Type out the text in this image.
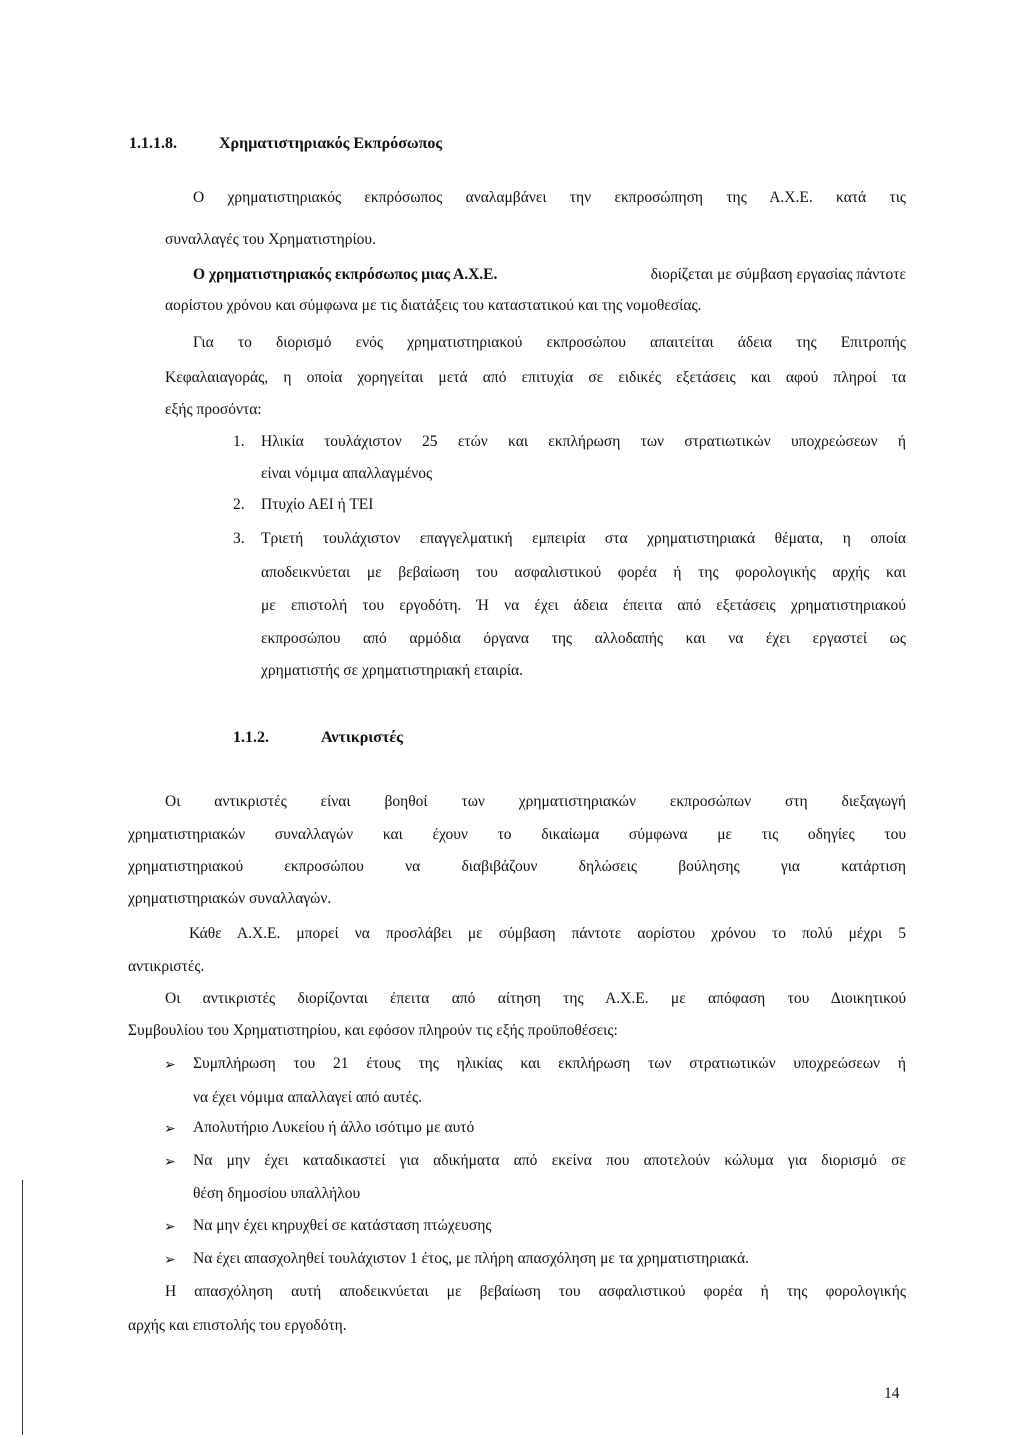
1.1.1.8.	Χρηματιστηριακός Εκπρόσωπος
Ο χρηματιστηριακός εκπρόσωπος αναλαμβάνει την εκπροσώπηση της Α.Χ.Ε. κατά τις
συναλλαγές του Χρηματιστηρίου.
Ο χρηματιστηριακός εκπρόσωπος μιας Α.Χ.Ε.	διορίζεται με σύμβαση εργασίας πάντοτε
αορίστου χρόνου και σύμφωνα με τις διατάξεις του καταστατικού και της νομοθεσίας.
Για το διορισμό ενός χρηματιστηριακού εκπροσώπου απαιτείται άδεια της Επιτροπής
Κεφαλαιαγοράς, η οποία χορηγείται μετά από επιτυχία σε ειδικές εξετάσεις και αφού πληροί τα
εξής προσόντα:
1. Ηλικία τουλάχιστον 25 ετών και εκπλήρωση των στρατιωτικών υποχρεώσεων ή
είναι νόμιμα απαλλαγμένος
2. Πτυχίο ΑΕΙ ή ΤΕΙ
3. Τριετή τουλάχιστον επαγγελματική εμπειρία στα χρηματιστηριακά θέματα, η οποία
αποδεικνύεται με βεβαίωση του ασφαλιστικού φορέα ή της φορολογικής αρχής και
με επιστολή του εργοδότη. Ή να έχει άδεια έπειτα από εξετάσεις χρηματιστηριακού
εκπροσώπου από αρμόδια όργανα της αλλοδαπής και να έχει εργαστεί ως
χρηματιστής σε χρηματιστηριακή εταιρία.
1.1.2.	Αντικριστές
Οι αντικριστές είναι βοηθοί των χρηματιστηριακών εκπροσώπων στη διεξαγωγή
χρηματιστηριακών συναλλαγών και έχουν το δικαίωμα σύμφωνα με τις οδηγίες του
χρηματιστηριακού εκπροσώπου να διαβιβάζουν δηλώσεις βούλησης για κατάρτιση
χρηματιστηριακών συναλλαγών.
Κάθε Α.Χ.Ε. μπορεί να προσλάβει με σύμβαση πάντοτε αορίστου χρόνου το πολύ μέχρι 5
αντικριστές.
Οι αντικριστές διορίζονται έπειτα από αίτηση της Α.Χ.Ε. με απόφαση του Διοικητικού
Συμβουλίου του Χρηματιστηρίου, και εφόσον πληρούν τις εξής προϋποθέσεις:
➢ Συμπλήρωση του 21 έτους της ηλικίας και εκπλήρωση των στρατιωτικών υποχρεώσεων ή
να έχει νόμιμα απαλλαγεί από αυτές.
➢ Απολυτήριο Λυκείου ή άλλο ισότιμο με αυτό
➢ Να μην έχει καταδικαστεί για αδικήματα από εκείνα που αποτελούν κώλυμα για διορισμό σε
θέση δημοσίου υπαλλήλου
➢ Να μην έχει κηρυχθεί σε κατάσταση πτώχευσης
➢ Να έχει απασχοληθεί τουλάχιστον 1 έτος, με πλήρη απασχόληση με τα χρηματιστηριακά.
Η απασχόληση αυτή αποδεικνύεται με βεβαίωση του ασφαλιστικού φορέα ή της φορολογικής
αρχής και επιστολής του εργοδότη.
14
